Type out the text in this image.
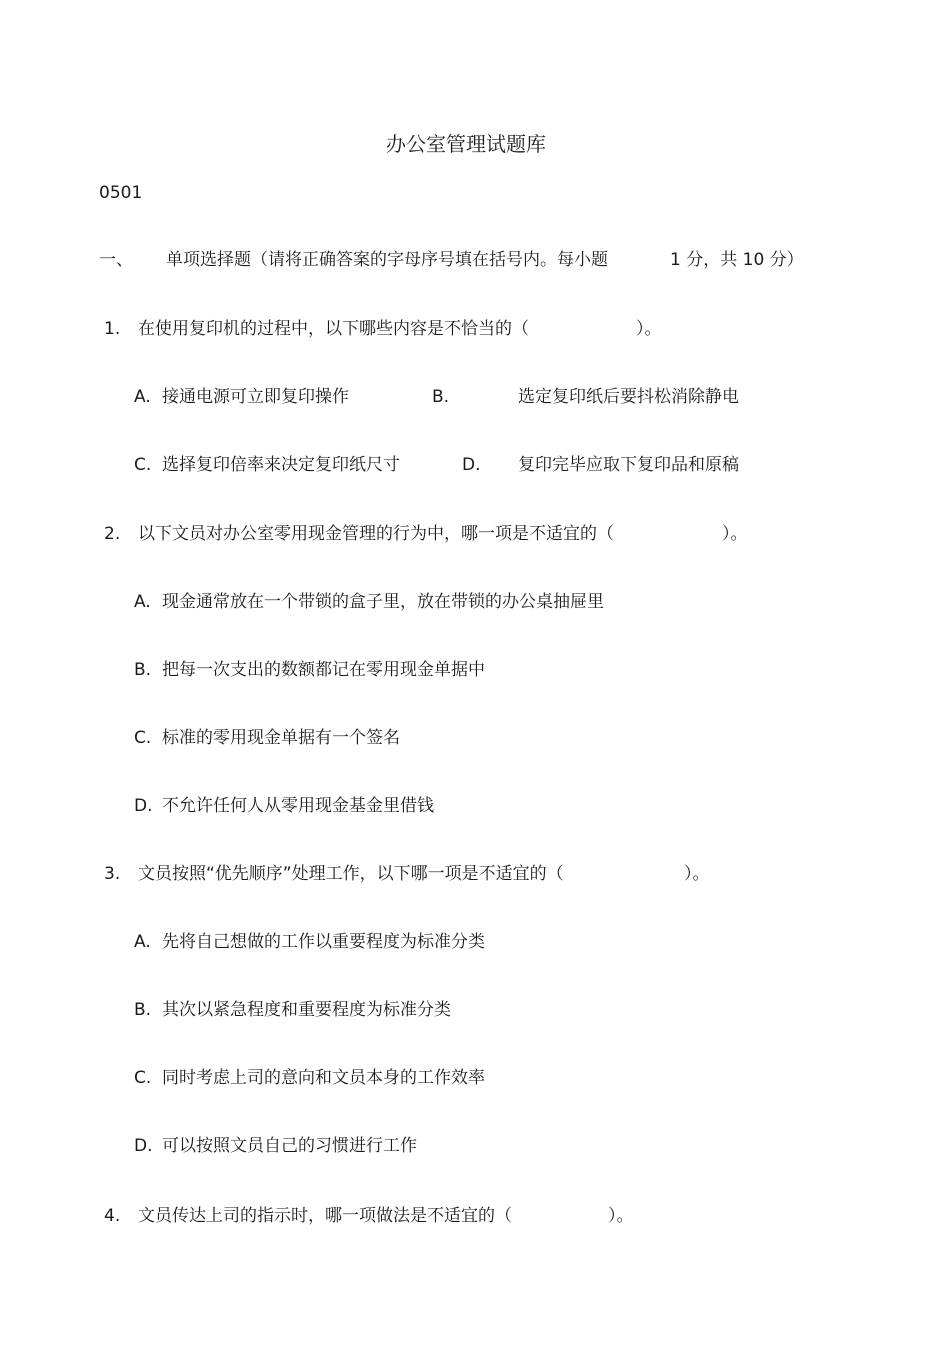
办公室管理试题库
0501
一、 单项选择题（请将正确答案的字母序号填在括号内。每小题	1 分，共 10 分）
1. 在使用复印机的过程中，以下哪些内容是不恰当的（	）。
A. 接通电源可立即复印操作	B.	选定复印纸后要抖松消除静电
C. 选择复印倍率来决定复印纸尺寸	D. 复印完毕应取下复印品和原稿
2. 以下文员对办公室零用现金管理的行为中，哪一项是不适宜的（	）。
A. 现金通常放在一个带锁的盒子里，放在带锁的办公桌抽屉里
B. 把每一次支出的数额都记在零用现金单据中
C. 标准的零用现金单据有一个签名
D. 不允许任何人从零用现金基金里借钱
3. 文员按照“优先顺序”处理工作，以下哪一项是不适宜的（	）。
A. 先将自己想做的工作以重要程度为标准分类
B. 其次以紧急程度和重要程度为标准分类
C. 同时考虑上司的意向和文员本身的工作效率
D. 可以按照文员自己的习惯进行工作
4. 文员传达上司的指示时，哪一项做法是不适宜的（	）。
